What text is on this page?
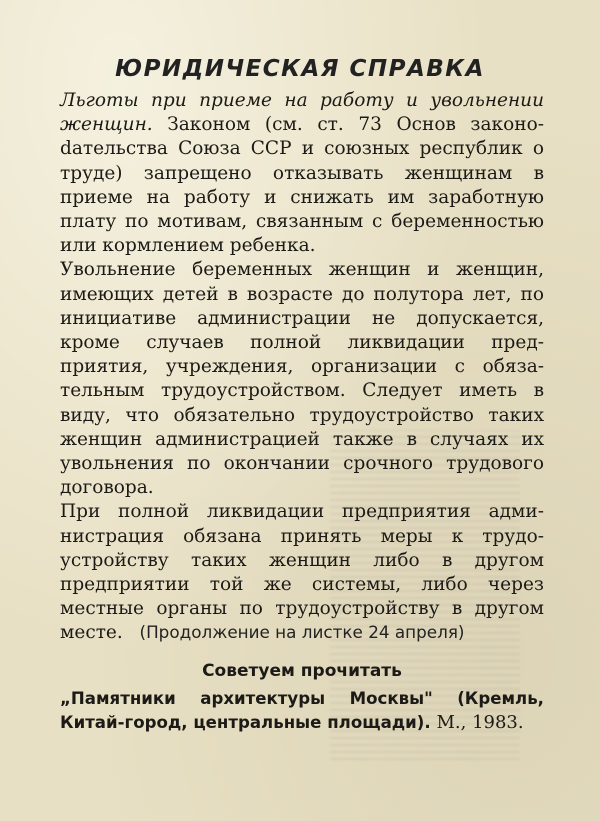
ЮРИДИЧЕСКАЯ СПРАВКА

Льготы при приеме на работу и увольнении женщин. Законом (см. ст. 73 Основ законоdательства Союза ССР и союзных республик о труде) запрещено отказывать женщинам в приеме на работу и снижать им заработную плату по мотивам, связанным с беременностью или кормлением ребенка.

Увольнение беременных женщин и женщин, имеющих детей в возрасте до полутора лет, по инициативе администрации не допускается, кроме случаев полной ликвидации предприятия, учреждения, организации с обязательным трудоустройством. Следует иметь в виду, что обязательно трудоустройство таких женщин администрацией также в случаях их увольнения по окончании срочного трудового договора.

При полной ликвидации предприятия администрация обязана принять меры к трудоустройству таких женщин либо в другом предприятии той же системы, либо через местные органы по трудоустройству в другом месте. (Продолжение на листке 24 апреля)
Советуем прочитать
„Памятники архитектуры Москвы" (Кремль, Китай-город, центральные площади). М., 1983.
